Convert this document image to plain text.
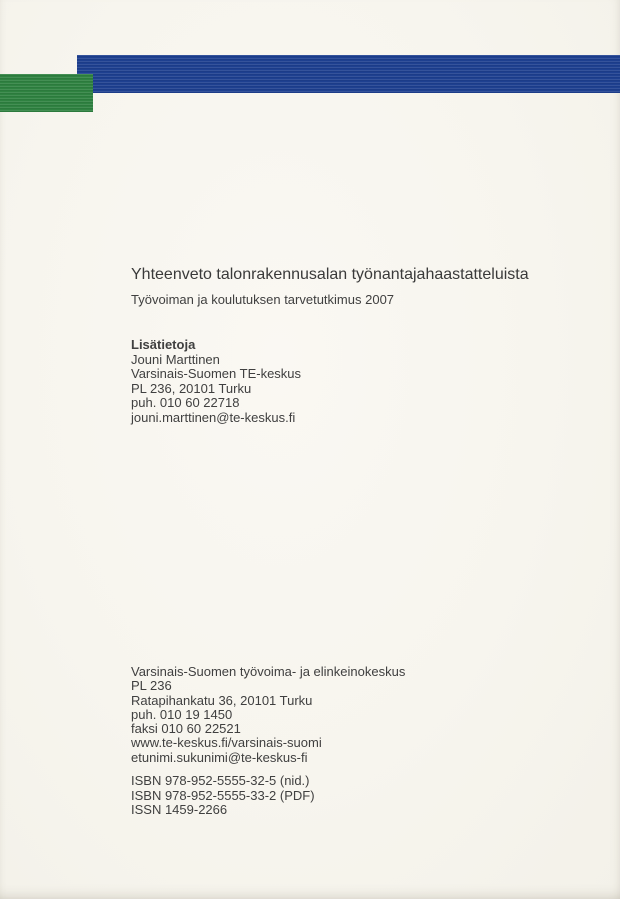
Yhteenveto talonrakennusalan työnantajahaastatteluista
Työvoiman ja koulutuksen tarvetutkimus 2007
Lisätietoja
Jouni Marttinen
Varsinais-Suomen TE-keskus
PL 236, 20101 Turku
puh. 010 60 22718
jouni.marttinen@te-keskus.fi
Varsinais-Suomen työvoima- ja elinkeinokeskus
PL 236
Ratapihankatu 36, 20101 Turku
puh. 010 19 1450
faksi 010 60 22521
www.te-keskus.fi/varsinais-suomi
etunimi.sukunimi@te-keskus-fi
ISBN 978-952-5555-32-5 (nid.)
ISBN 978-952-5555-33-2 (PDF)
ISSN 1459-2266
